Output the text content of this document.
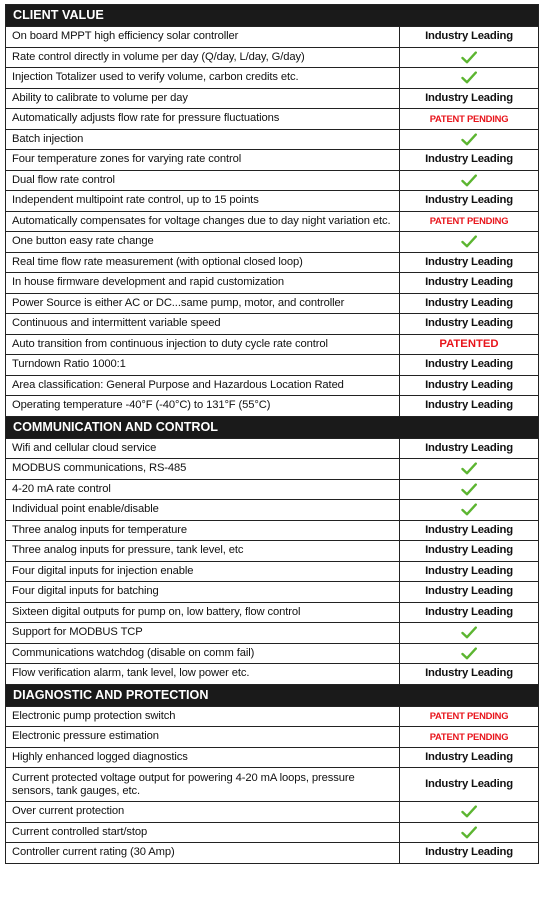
CLIENT VALUE	
On board MPPT high efficiency solar controller	Industry Leading
Rate control directly in volume per day (Q/day, L/day, G/day)	
Injection Totalizer used to verify volume, carbon credits etc.	
Ability to calibrate to volume per day	Industry Leading
Automatically adjusts flow rate for pressure fluctuations	PATENT PENDING
Batch injection	
Four temperature zones for varying rate control	Industry Leading
Dual flow rate control	
Independent multipoint rate control, up to 15 points	Industry Leading
Automatically compensates for voltage changes due to day night variation etc.	PATENT PENDING
One button easy rate change	
Real time flow rate measurement (with optional closed loop)	Industry Leading
In house firmware development and rapid customization	Industry Leading
Power Source is either AC or DC...same pump, motor, and controller	Industry Leading
Continuous and intermittent variable speed	Industry Leading
Auto transition from continuous injection to duty cycle rate control	PATENTED
Turndown Ratio 1000:1	Industry Leading
Area classification: General Purpose and Hazardous Location Rated	Industry Leading
Operating temperature -40°F (-40°C) to 131°F (55°C)	Industry Leading
COMMUNICATION AND CONTROL	
Wifi and cellular cloud service	Industry Leading
MODBUS communications, RS-485	
4-20 mA rate control	
Individual point enable/disable	
Three analog inputs for temperature	Industry Leading
Three analog inputs for pressure, tank level, etc	Industry Leading
Four digital inputs for injection enable	Industry Leading
Four digital inputs for batching	Industry Leading
Sixteen digital outputs for pump on, low battery, flow control	Industry Leading
Support for MODBUS TCP	
Communications watchdog (disable on comm fail)	
Flow verification alarm, tank level, low power etc.	Industry Leading
DIAGNOSTIC AND PROTECTION	
Electronic pump protection switch	PATENT PENDING
Electronic pressure estimation	PATENT PENDING
Highly enhanced logged diagnostics	Industry Leading
Current protected voltage output for powering 4-20 mA loops, pressure sensors, tank gauges, etc.	Industry Leading
Over current protection	
Current controlled start/stop	
Controller current rating (30 Amp)	Industry Leading
